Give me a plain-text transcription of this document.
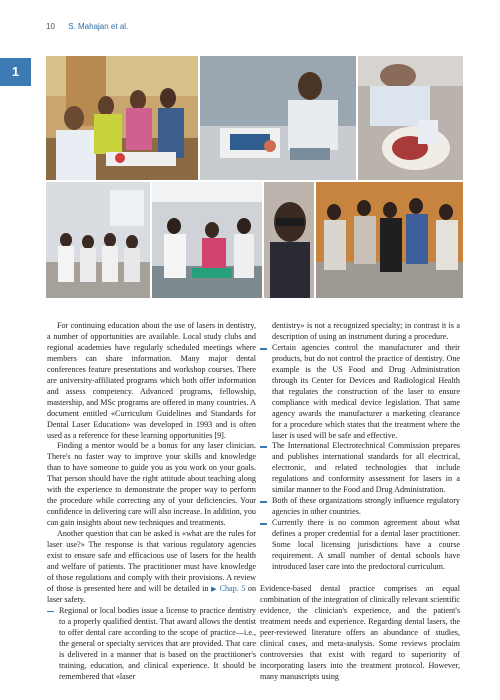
10 S. Mahajan et al.
1

For continuing education about the use of lasers in dentistry, a number of opportunities are available. Local study clubs and regional academies have regularly scheduled meetings where members can share information. Many major dental conferences feature presentations and workshop courses. There are university-affiliated programs which both offer information and assess competency. Advanced programs, fellowship, mastership, and MSc programs are offered in many countries. A document entitled «Curriculum Guidelines and Standards for Dental Laser Education» was developed in 1993 and is often used as a reference for these learning opportunities [9].

Finding a mentor would be a bonus for any laser clinician. There's no faster way to improve your skills and knowledge than to have someone to guide you as you work on your goals. That person should have the right attitude about teaching along with the experience to demonstrate the proper way to perform the procedure while correcting any of your deficiencies. Your confidence in delivering care will also increase. In addition, you can gain insights about new techniques and treatments.

Another question that can be asked is «what are the rules for laser use?» The response is that various regulatory agencies exist to ensure safe and efficacious use of lasers for the health and welfare of patients. The practitioner must have knowledge of those regulations and comply with their provisions. A review of those is presented here and will be detailed in ▶ Chap. 5 on laser safety.

Regional or local bodies issue a license to practice dentistry to a properly qualified dentist. That award allows the dentist to offer dental care according to the scope of practice—i.e., the general or specialty services that are provided. That care is delivered in a manner that is based on the practitioner's training, education, and clinical experience. It should be remembered that «laser
dentistry» is not a recognized specialty; in contrast it is a description of using an instrument during a procedure.
Certain agencies control the manufacturer and their products, but do not control the practice of dentistry. One example is the US Food and Drug Administration through its Center for Devices and Radiological Health that regulates the construction of the laser to ensure compliance with medical device legislation. That same agency awards the manufacturer a marketing clearance for a procedure which states that the treatment where the laser is used will be safe and effective.
The International Electrotechnical Commission prepares and publishes international standards for all electrical, electronic, and related technologies that include regulations and conformity assessment for lasers in a similar manner to the Food and Drug Administration.
Both of these organizations strongly influence regulatory agencies in other countries.
Currently there is no common agreement about what defines a proper credential for a dental laser practitioner. Some local licensing jurisdictions have a course requirement. A small number of dental schools have introduced laser care into the predoctoral curriculum.

Evidence-based dental practice comprises an equal combination of the integration of clinically relevant scientific evidence, the clinician's experience, and the patient's treatment needs and experience. Regarding dental lasers, the peer-reviewed literature offers an abundance of studies, clinical cases, and meta-analysis. Some reviews proclaim controversies that exist with regard to superiority of incorporating lasers into the treatment protocol. However, many manuscripts using
